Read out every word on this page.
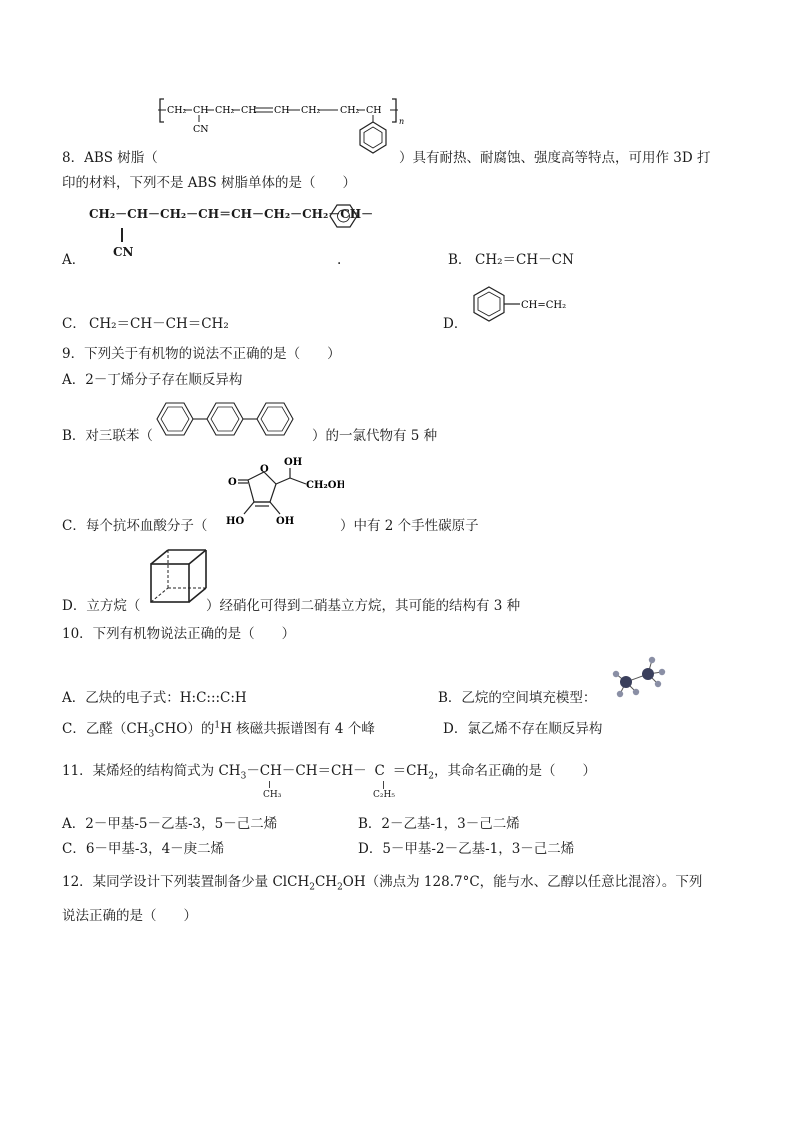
CH₂ CH CH₂ CH CH CH₂ CH₂ CH
CN
n
8．ABS 树脂（	）具有耐热、耐腐蚀、强度高等特点，可用作 3D 打
印的材料，下列不是 ABS 树脂单体的是（　　）
A．
CH₂－CH－CH₂－CH＝CH－CH₂－CH₂－CH－
CN	.	B． CH₂＝CH－CN
C． CH₂＝CH－CH＝CH₂	D．
CH=CH₂
9．下列关于有机物的说法不正确的是（　　）
A．2－丁烯分子存在顺反异构
B．对三联苯（	）的一氯代物有 5 种
C．每个抗坏血酸分子（
O
O
OH
CH₂OH
HO	OH	）中有 2 个手性碳原子
D．立方烷（	）经硝化可得到二硝基立方烷，其可能的结构有 3 种
10．下列有机物说法正确的是（　　）
A．乙炔的电子式：H:C:::C:H	B．乙烷的空间填充模型：
C．乙醛$(CH_3CHO)$的$^1$H 核磁共振谱图有 4 个峰	D．氯乙烯不存在顺反异构
11．某烯烃的结构简式为 $CH_3-CH-CH=CH- C =CH_2$，其命名正确的是（　　）
CH₃	C₂H₅
A．2－甲基-5－乙基-3，5－己二烯	B．2－乙基-1，3－己二烯
C．6－甲基-3，4－庚二烯	D．5－甲基-2－乙基-1，3－己二烯
12．某同学设计下列装置制备少量 $ClCH_2CH_2OH$（沸点为 128.7°C，能与水、乙醇以任意比混溶）。下列
说法正确的是（　　）
